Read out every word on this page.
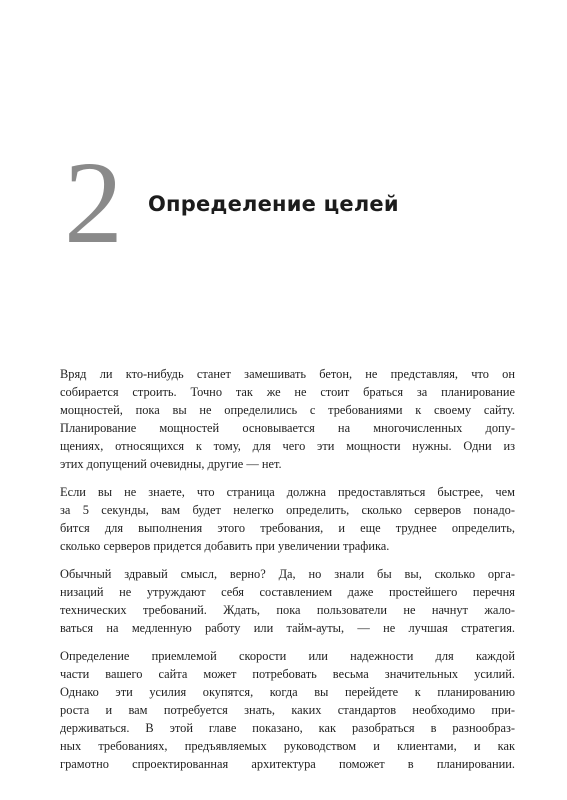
2 Определение целей

Вряд ли кто-нибудь станет замешивать бетон, не представляя, что он
собирается строить. Точно так же не стоит браться за планирование
мощностей, пока вы не определились с требованиями к своему сайту.
Планирование мощностей основывается на многочисленных допу-
щениях, относящихся к тому, для чего эти мощности нужны. Одни из
этих допущений очевидны, другие — нет.

Если вы не знаете, что страница должна предоставляться быстрее, чем
за 5 секунды, вам будет нелегко определить, сколько серверов понадо-
бится для выполнения этого требования, и еще труднее определить,
сколько серверов придется добавить при увеличении трафика.

Обычный здравый смысл, верно? Да, но знали бы вы, сколько орга-
низаций не утруждают себя составлением даже простейшего перечня
технических требований. Ждать, пока пользователи не начнут жало-
ваться на медленную работу или тайм-ауты, — не лучшая стратегия.

Определение приемлемой скорости или надежности для каждой
части вашего сайта может потребовать весьма значительных усилий.
Однако эти усилия окупятся, когда вы перейдете к планированию
роста и вам потребуется знать, каких стандартов необходимо при-
держиваться. В этой главе показано, как разобраться в разнообраз-
ных требованиях, предъявляемых руководством и клиентами, и как
грамотно спроектированная архитектура поможет в планировании.
